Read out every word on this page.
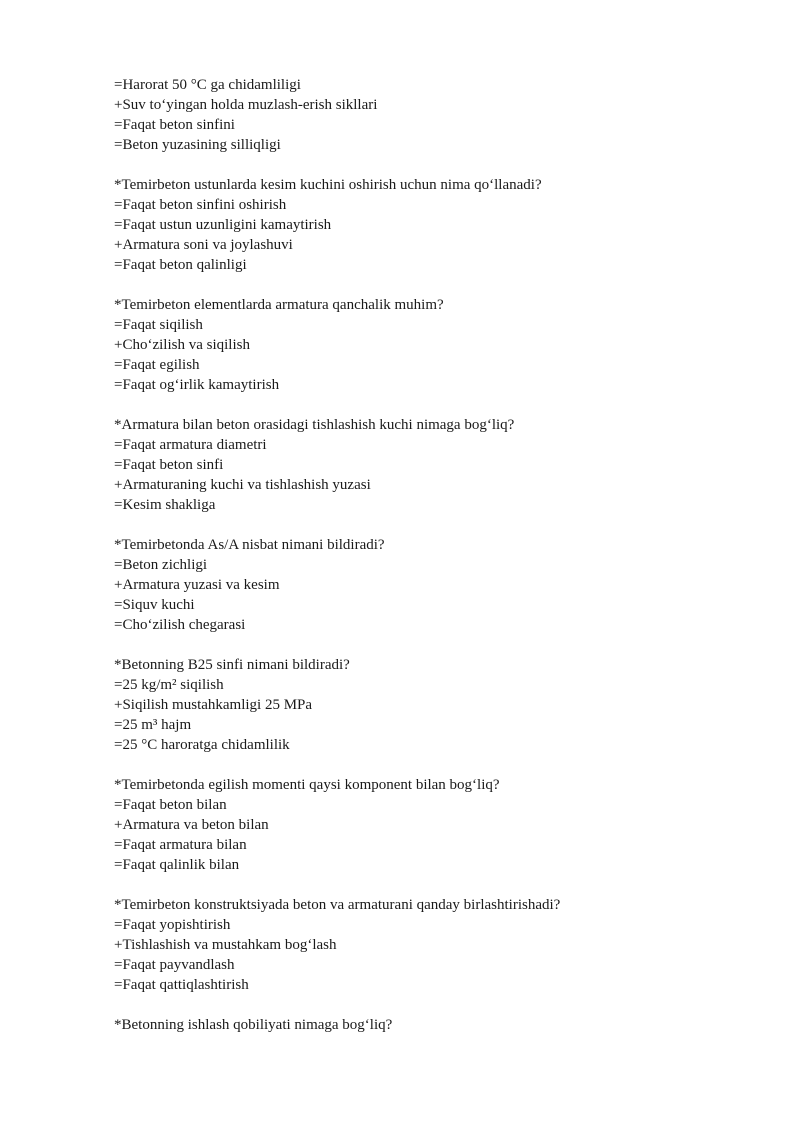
=Harorat 50 °C ga chidamliligi
+Suv to‘yingan holda muzlash-erish sikllari
=Faqat beton sinfini
=Beton yuzasining silliqligi
*Temirbeton ustunlarda kesim kuchini oshirish uchun nima qo‘llanadi?
=Faqat beton sinfini oshirish
=Faqat ustun uzunligini kamaytirish
+Armatura soni va joylashuvi
=Faqat beton qalinligi
*Temirbeton elementlarda armatura qanchalik muhim?
=Faqat siqilish
+Cho‘zilish va siqilish
=Faqat egilish
=Faqat og‘irlik kamaytirish
*Armatura bilan beton orasidagi tishlashish kuchi nimaga bog‘liq?
=Faqat armatura diametri
=Faqat beton sinfi
+Armaturaning kuchi va tishlashish yuzasi
=Kesim shakliga
*Temirbetonda As/A nisbat nimani bildiradi?
=Beton zichligi
+Armatura yuzasi va kesim
=Siquv kuchi
=Cho‘zilish chegarasi
*Betonning B25 sinfi nimani bildiradi?
=25 kg/m² siqilish
+Siqilish mustahkamligi 25 MPa
=25 m³ hajm
=25 °C haroratga chidamlilik
*Temirbetonda egilish momenti qaysi komponent bilan bog‘liq?
=Faqat beton bilan
+Armatura va beton bilan
=Faqat armatura bilan
=Faqat qalinlik bilan
*Temirbeton konstruktsiyada beton va armaturani qanday birlashtirishadi?
=Faqat yopishtirish
+Tishlashish va mustahkam bog‘lash
=Faqat payvandlash
=Faqat qattiqlashtirish
*Betonning ishlash qobiliyati nimaga bog‘liq?
